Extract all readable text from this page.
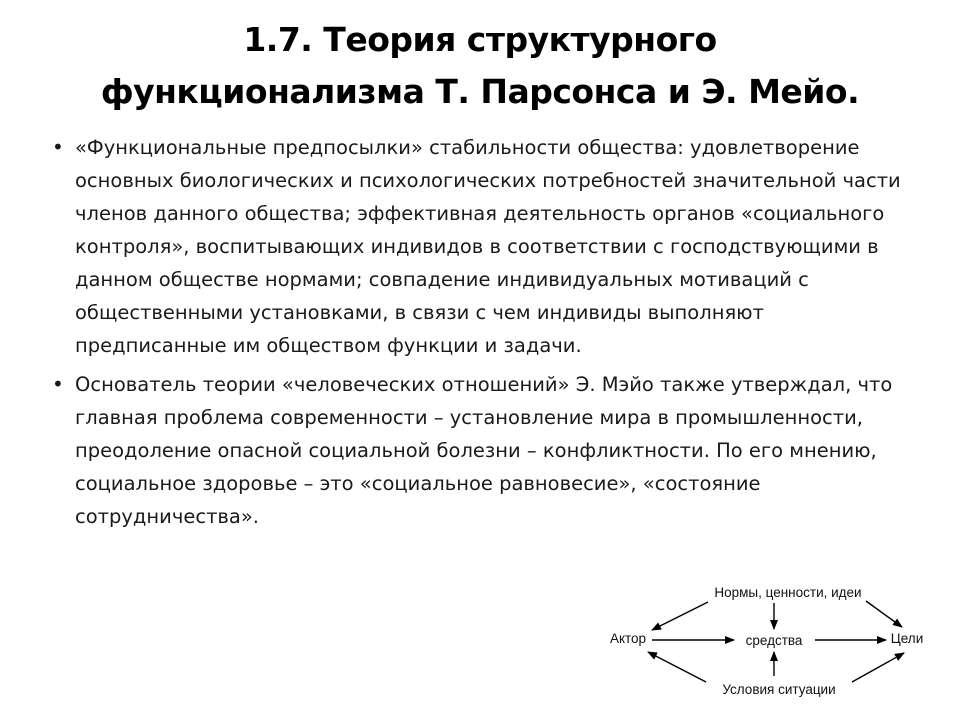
1.7. Теория структурного
функционализма Т. Парсонса и Э. Мейо.
• «Функциональные предпосылки» стабильности общества: удовлетворение основных биологических и психологических потребностей значительной части членов данного общества; эффективная деятельность органов «социального контроля», воспитывающих индивидов в соответствии с господствующими в данном обществе нормами; совпадение индивидуальных мотиваций с общественными установками, в связи с чем индивиды выполняют предписанные им обществом функции и задачи.
• Основатель теории «человеческих отношений» Э. Мэйо также утверждал, что главная проблема современности – установление мира в промышленности, преодоление опасной социальной болезни – конфликтности. По его мнению, социальное здоровье – это «социальное равновесие», «состояние сотрудничества».
Нормы, ценности, идеи
Актор	средства	Цели
Условия ситуации
